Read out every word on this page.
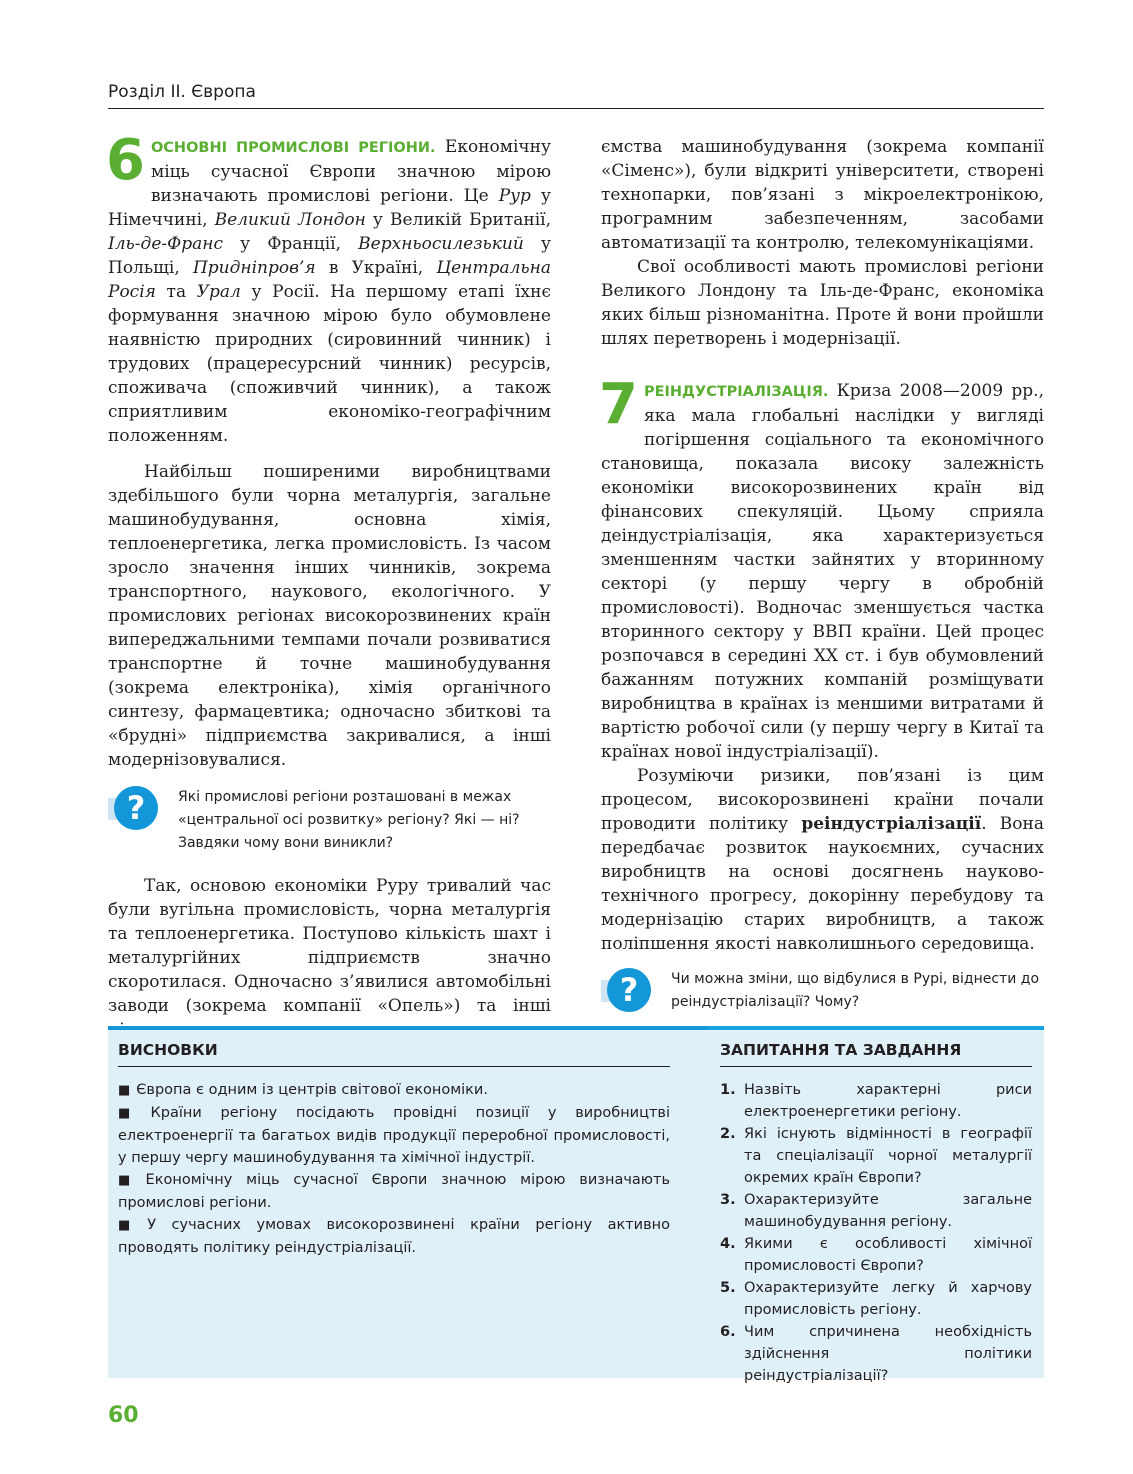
Розділ ІІ. Європа

6 ОСНОВНІ ПРОМИСЛОВІ РЕГІОНИ. Економічну міць сучасної Європи значною мірою визначають промислові регіони. Це Рур у Німеччині, Великий Лондон у Великій Британії, Іль-де-Франс у Франції, Верхньосилезький у Польщі, Придніпров’я в Україні, Центральна Росія та Урал у Росії. На першому етапі їхнє формування значною мірою було обумовлене наявністю природних (сировинний чинник) і трудових (працересурсний чинник) ресурсів, споживача (споживчий чинник), а також сприятливим економіко-географічним положенням.

Найбільш поширеними виробництвами здебільшого були чорна металургія, загальне машинобудування, основна хімія, теплоенергетика, легка промисловість. Із часом зросло значення інших чинників, зокрема транспортного, наукового, екологічного. У промислових регіонах високорозвинених країн випереджальними темпами почали розвиватися транспортне й точне машинобудування (зокрема електроніка), хімія органічного синтезу, фармацевтика; одночасно збиткові та «брудні» підприємства закривалися, а інші модернізовувалися.

?	Які промислові регіони розташовані в межах «центральної осі розвитку» регіону? Які — ні? Завдяки чому вони виникли?

Так, основою економіки Руру тривалий час були вугільна промисловість, чорна металургія та теплоенергетика. Поступово кількість шахт і металургійних підприємств значно скоротилася. Одночасно з’явилися автомобільні заводи (зокрема компанії «Опель») та інші

ємства машинобудування (зокрема компанії «Сіменс»), були відкриті університети, створені технопарки, пов’язані з мікроелектронікою, програмним забезпеченням, засобами автоматизації та контролю, телекомунікаціями.

Свої особливості мають промислові регіони Великого Лондону та Іль-де-Франс, економіка яких більш різноманітна. Проте й вони пройшли шлях перетворень і модернізації.

7 РЕІНДУСТРІАЛІЗАЦІЯ. Криза 2008—2009 рр., яка мала глобальні наслідки у вигляді погіршення соціального та економічного становища, показала високу залежність економіки високорозвинених країн від фінансових спекуляцій. Цьому сприяла деіндустріалізація, яка характеризується зменшенням частки зайнятих у вторинному секторі (у першу чергу в обробній промисловості). Водночас зменшується частка вторинного сектору у ВВП країни. Цей процес розпочався в середині XX ст. і був обумовлений бажанням потужних компаній розміщувати виробництва в країнах із меншими витратами й вартістю робочої сили (у першу чергу в Китаї та країнах нової індустріалізації).

Розуміючи ризики, пов’язані із цим процесом, високорозвинені країни почали проводити політику реіндустріалізації. Вона передбачає розвиток наукоємних, сучасних виробництв на основі досягнень науково-технічного прогресу, докорінну перебудову та модернізацію старих виробництв, а також поліпшення якості навколишнього середовища.

?	Чи можна зміни, що відбулися в Рурі, віднести до реіндустріалізації? Чому?
ВИСНОВКИ
■ Європа є одним із центрів світової економіки.
■ Країни регіону посідають провідні позиції у виробництві електроенергії та багатьох видів продукції переробної промисловості, у першу чергу машинобудування та хімічної індустрії.
■ Економічну міць сучасної Європи значною мірою визначають промислові регіони.
■ У сучасних умовах високорозвинені країни регіону активно проводять політику реіндустріалізації.
ЗАПИТАННЯ ТА ЗАВДАННЯ
1. Назвіть характерні риси електроенергетики регіону.
2. Які існують відмінності в географії та спеціалізації чорної металургії окремих країн Європи?
3. Охарактеризуйте загальне машинобудування регіону.
4. Якими є особливості хімічної промисловості Європи?
5. Охарактеризуйте легку й харчову промисловість регіону.
6. Чим спричинена необхідність здійснення політики реіндустріалізації?
60
